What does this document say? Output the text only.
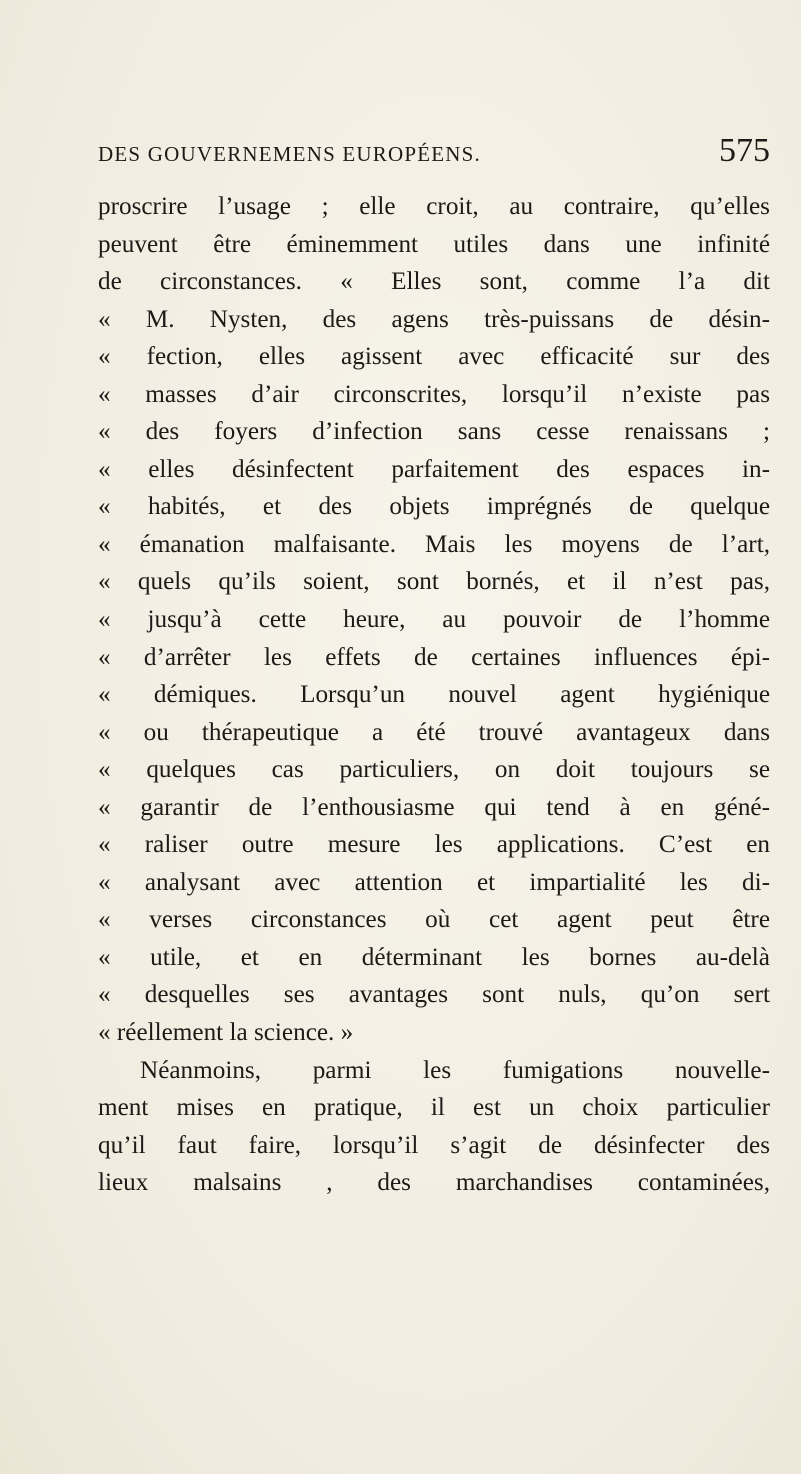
DES GOUVERNEMENS EUROPÉENS.	575
proscrire l’usage ; elle croit, au contraire, qu’elles
peuvent être éminemment utiles dans une infinité
de circonstances. « Elles sont, comme l’a dit
« M. Nysten, des agens très-puissans de désin-
« fection, elles agissent avec efficacité sur des
« masses d’air circonscrites, lorsqu’il n’existe pas
« des foyers d’infection sans cesse renaissans ;
« elles désinfectent parfaitement des espaces in-
« habités, et des objets imprégnés de quelque
« émanation malfaisante. Mais les moyens de l’art,
« quels qu’ils soient, sont bornés, et il n’est pas,
« jusqu’à cette heure, au pouvoir de l’homme
« d’arrêter les effets de certaines influences épi-
« démiques. Lorsqu’un nouvel agent hygiénique
« ou thérapeutique a été trouvé avantageux dans
« quelques cas particuliers, on doit toujours se
« garantir de l’enthousiasme qui tend à en géné-
« raliser outre mesure les applications. C’est en
« analysant avec attention et impartialité les di-
« verses circonstances où cet agent peut être
« utile, et en déterminant les bornes au-delà
« desquelles ses avantages sont nuls, qu’on sert
« réellement la science. »
Néanmoins, parmi les fumigations nouvelle-
ment mises en pratique, il est un choix particulier
qu’il faut faire, lorsqu’il s’agit de désinfecter des
lieux malsains , des marchandises contaminées,
